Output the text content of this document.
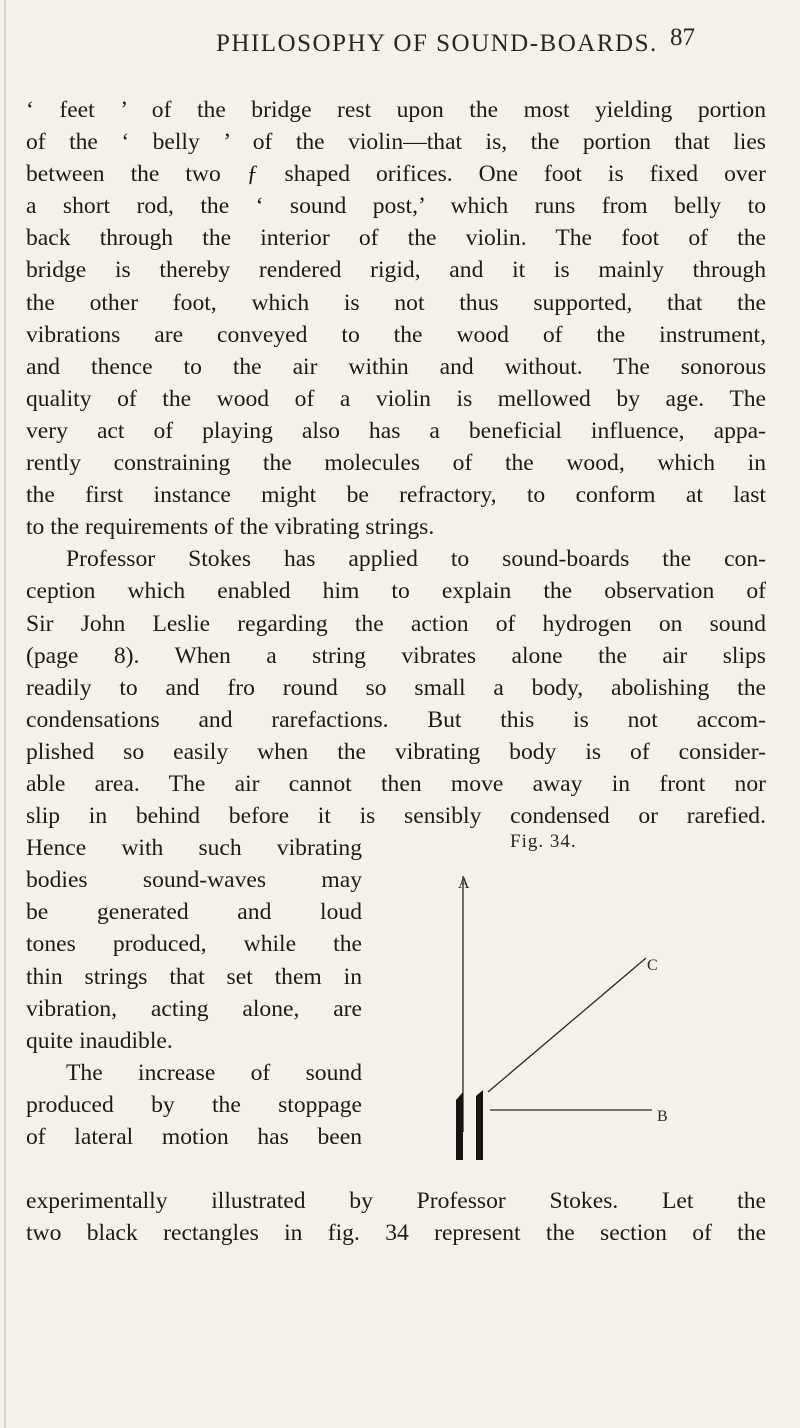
PHILOSOPHY OF SOUND-BOARDS. 87
‘ feet ’ of the bridge rest upon the most yielding portion
of the ‘ belly ’ of the violin—that is, the portion that lies
between the two ƒ shaped orifices. One foot is fixed over
a short rod, the ‘ sound post,’ which runs from belly to
back through the interior of the violin. The foot of the
bridge is thereby rendered rigid, and it is mainly through
the other foot, which is not thus supported, that the
vibrations are conveyed to the wood of the instrument,
and thence to the air within and without. The sonorous
quality of the wood of a violin is mellowed by age. The
very act of playing also has a beneficial influence, appa-
rently constraining the molecules of the wood, which in
the first instance might be refractory, to conform at last
to the requirements of the vibrating strings.
Professor Stokes has applied to sound-boards the con-
ception which enabled him to explain the observation of
Sir John Leslie regarding the action of hydrogen on sound
(page 8). When a string vibrates alone the air slips
readily to and fro round so small a body, abolishing the
condensations and rarefactions. But this is not accom-
plished so easily when the vibrating body is of consider-
able area. The air cannot then move away in front nor
slip in behind before it is sensibly condensed or rarefied.
Hence with such vibrating
bodies sound-waves may
be generated and loud
tones produced, while the
thin strings that set them in
vibration, acting alone, are
quite inaudible.
The increase of sound
produced by the stoppage
of lateral motion has been
Fig. 34.
A
C
B
experimentally illustrated by Professor Stokes. Let the
two black rectangles in fig. 34 represent the section of the
